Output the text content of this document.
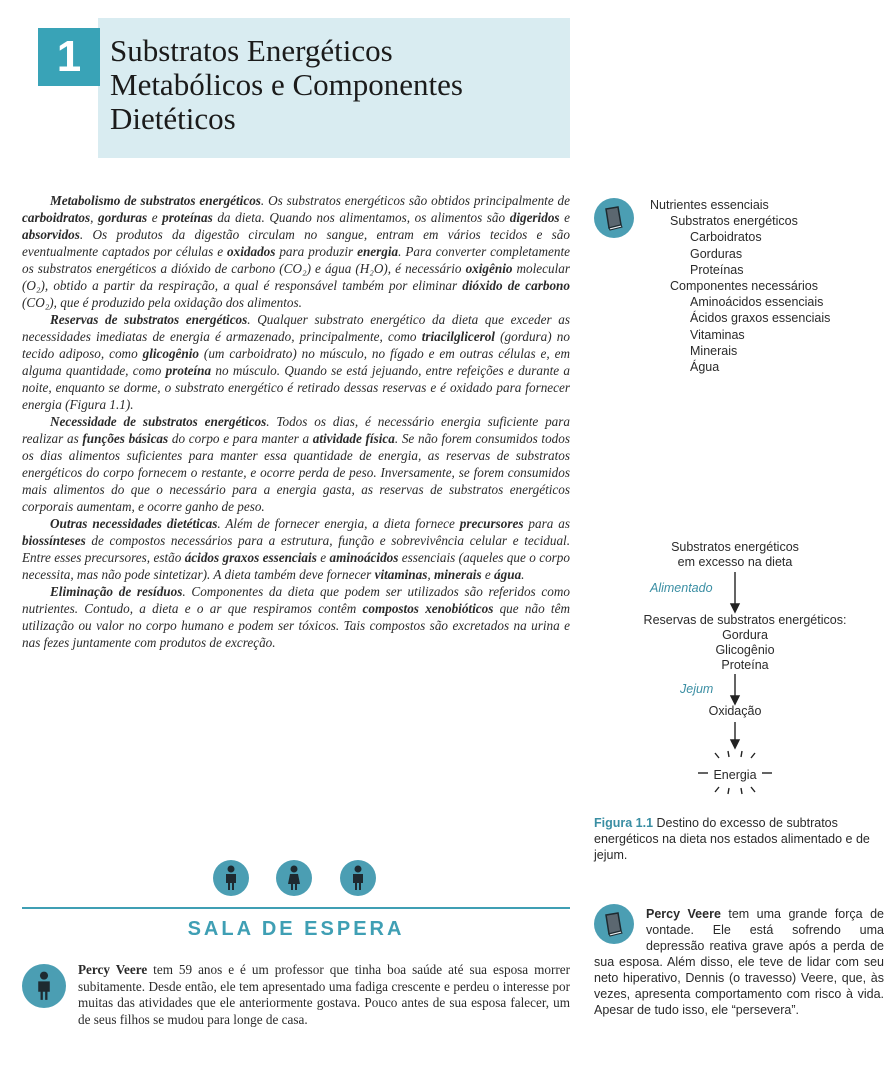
1 Substratos Energéticos
Metabólicos e Componentes
Dietéticos

Metabolismo de substratos energéticos. Os substratos energéticos são obtidos principalmente de carboidratos, gorduras e proteínas da dieta. Quando nos alimentamos, os alimentos são digeridos e absorvidos. Os produtos da digestão circulam no sangue, entram em vários tecidos e são eventualmente captados por células e oxidados para produzir energia. Para converter completamente os substratos energéticos a dióxido de carbono (CO₂) e água (H₂O), é necessário oxigênio molecular (O₂), obtido a partir da respiração, a qual é responsável também por eliminar dióxido de carbono (CO₂), que é produzido pela oxidação dos alimentos.

Reservas de substratos energéticos. Qualquer substrato energético da dieta que exceder as necessidades imediatas de energia é armazenado, principalmente, como triacilglicerol (gordura) no tecido adiposo, como glicogênio (um carboidrato) no músculo, no fígado e em outras células e, em alguma quantidade, como proteína no músculo. Quando se está jejuando, entre refeições e durante a noite, enquanto se dorme, o substrato energético é retirado dessas reservas e é oxidado para fornecer energia (Figura 1.1).

Necessidade de substratos energéticos. Todos os dias, é necessário energia suficiente para realizar as funções básicas do corpo e para manter a atividade física. Se não forem consumidos todos os dias alimentos suficientes para manter essa quantidade de energia, as reservas de substratos energéticos do corpo fornecem o restante, e ocorre perda de peso. Inversamente, se forem consumidos mais alimentos do que o necessário para a energia gasta, as reservas de substratos energéticos corporais aumentam, e ocorre ganho de peso.

Outras necessidades dietéticas. Além de fornecer energia, a dieta fornece precursores para as biossínteses de compostos necessários para a estrutura, função e sobrevivência celular e tecidual. Entre esses precursores, estão ácidos graxos essenciais e aminoácidos essenciais (aqueles que o corpo necessita, mas não pode sintetizar). A dieta também deve fornecer vitaminas, minerais e água.

Eliminação de resíduos. Componentes da dieta que podem ser utilizados são referidos como nutrientes. Contudo, a dieta e o ar que respiramos contêm compostos xenobióticos que não têm utilização ou valor no corpo humano e podem ser tóxicos. Tais compostos são excretados na urina e nas fezes juntamente com produtos de excreção.

Nutrientes essenciais
Substratos energéticos
Carboidratos
Gorduras
Proteínas
Componentes necessários
Aminoácidos essenciais
Ácidos graxos essenciais
Vitaminas
Minerais
Água
Substratos energéticos
em excesso na dieta
Alimentado
Reservas de substratos energéticos:
Gordura
Glicogênio
Proteína
Jejum
Oxidação
Energia
Figura 1.1 Destino do excesso de subtratos energéticos na dieta nos estados alimentado e de jejum.
SALA DE ESPERA
Percy Veere tem 59 anos e é um professor que tinha boa saúde até sua esposa morrer subitamente. Desde então, ele tem apresentado uma fadiga crescente e perdeu o interesse por muitas das atividades que ele anteriormente gostava. Pouco antes de sua esposa falecer, um de seus filhos se mudou para longe de casa.
Percy Veere tem uma grande força de vontade. Ele está sofrendo uma depressão reativa grave após a perda de sua esposa. Além disso, ele teve de lidar com seu neto hiperativo, Dennis (o travesso) Veere, que, às vezes, apresenta comportamento com risco à vida. Apesar de tudo isso, ele “persevera”.
